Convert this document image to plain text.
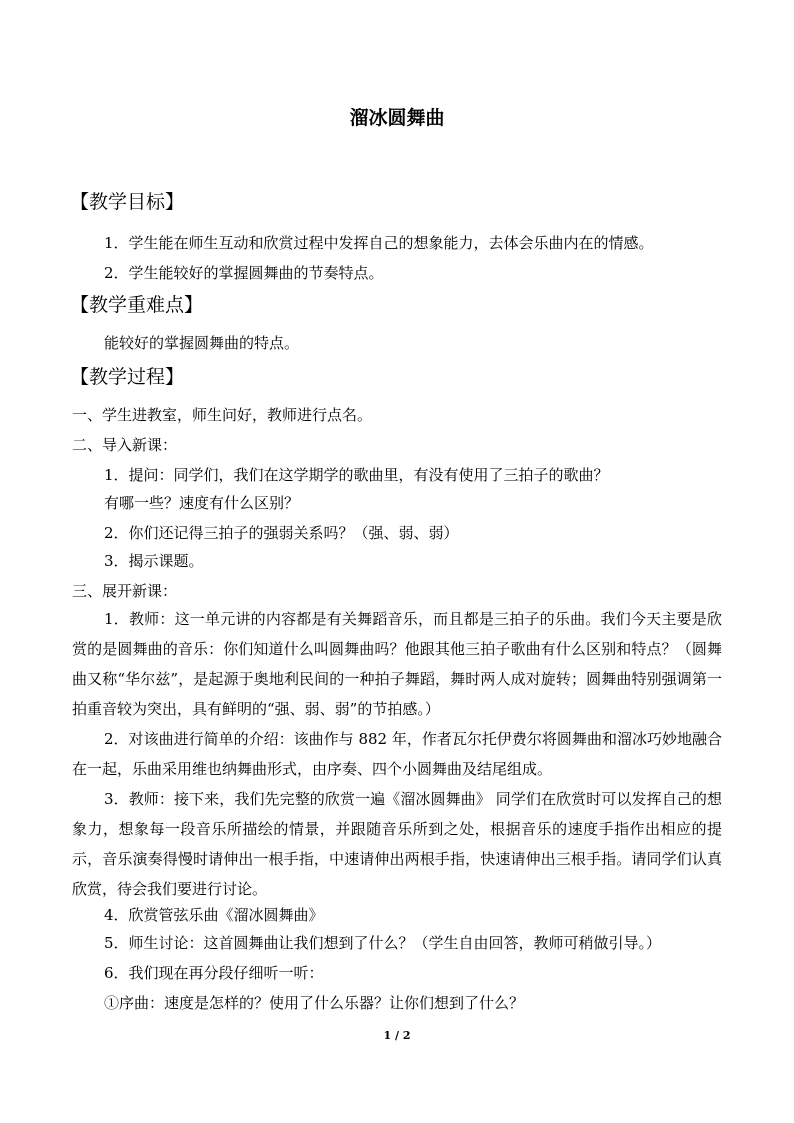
溜冰圆舞曲
【教学目标】
1．学生能在师生互动和欣赏过程中发挥自己的想象能力，去体会乐曲内在的情感。
2．学生能较好的掌握圆舞曲的节奏特点。
【教学重难点】
能较好的掌握圆舞曲的特点。
【教学过程】
一、学生进教室，师生问好，教师进行点名。
二、导入新课：
1．提问：同学们，我们在这学期学的歌曲里，有没有使用了三拍子的歌曲？
有哪一些？速度有什么区别？
2．你们还记得三拍子的强弱关系吗？（强、弱、弱）
3．揭示课题。
三、展开新课：
1．教师：这一单元讲的内容都是有关舞蹈音乐，而且都是三拍子的乐曲。我们今天主要是欣赏的是圆舞曲的音乐：你们知道什么叫圆舞曲吗？他跟其他三拍子歌曲有什么区别和特点？（圆舞曲又称“华尔兹”，是起源于奥地利民间的一种拍子舞蹈，舞时两人成对旋转；圆舞曲特别强调第一拍重音较为突出，具有鲜明的“强、弱、弱”的节拍感。）
2．对该曲进行简单的介绍：该曲作与 882 年，作者瓦尔托伊费尔将圆舞曲和溜冰巧妙地融合在一起，乐曲采用维也纳舞曲形式，由序奏、四个小圆舞曲及结尾组成。
3．教师：接下来，我们先完整的欣赏一遍《溜冰圆舞曲》 同学们在欣赏时可以发挥自己的想象力，想象每一段音乐所描绘的情景，并跟随音乐所到之处，根据音乐的速度手指作出相应的提示，音乐演奏得慢时请伸出一根手指，中速请伸出两根手指，快速请伸出三根手指。请同学们认真欣赏，待会我们要进行讨论。
4．欣赏管弦乐曲《溜冰圆舞曲》
5．师生讨论：这首圆舞曲让我们想到了什么？（学生自由回答，教师可稍做引导。）
6．我们现在再分段仔细听一听：
①序曲：速度是怎样的？使用了什么乐器？让你们想到了什么？
1 / 2
